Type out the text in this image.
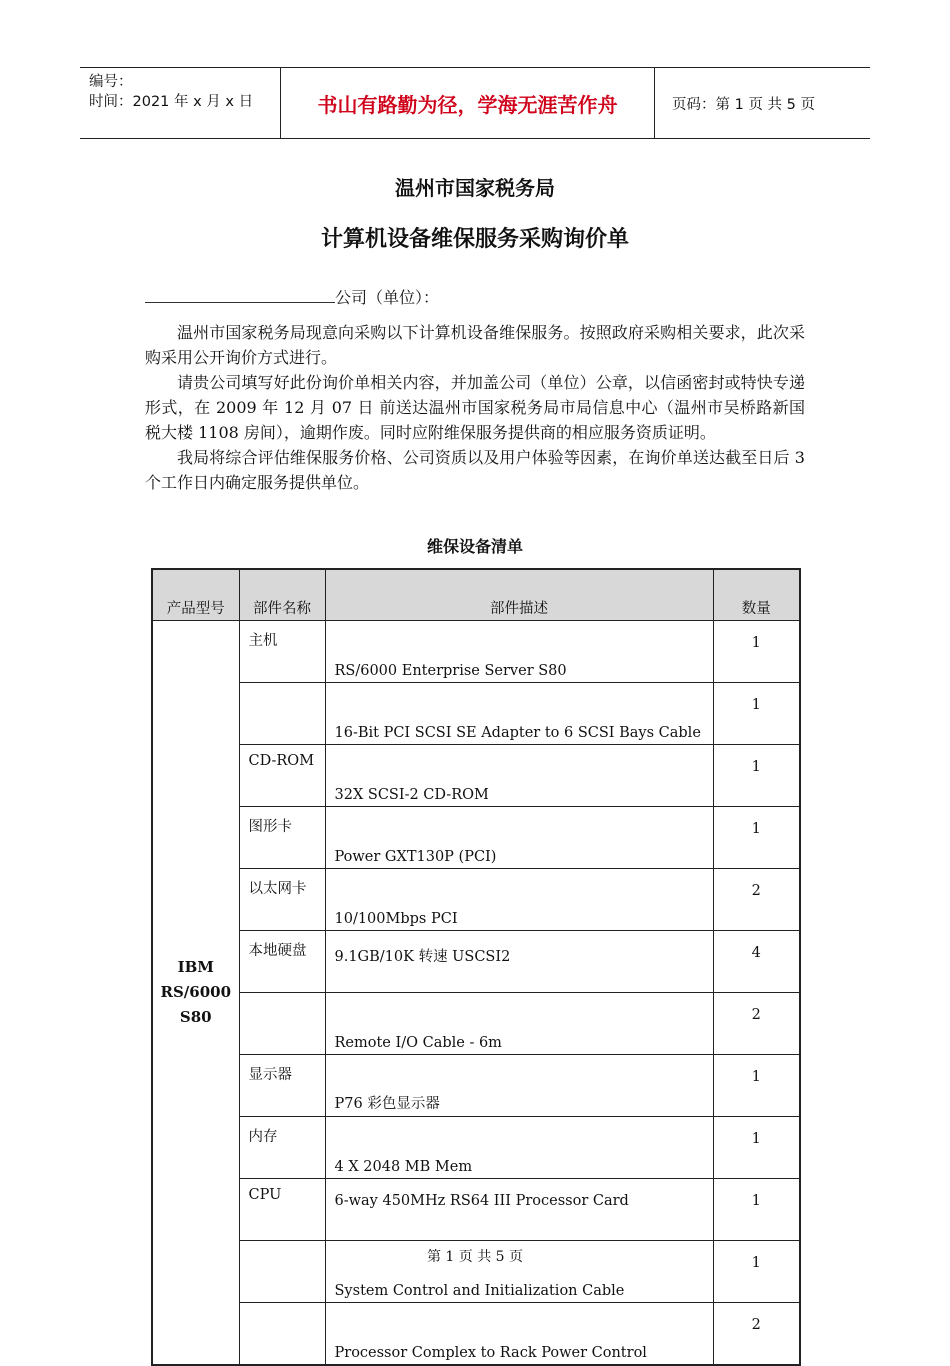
编号：
时间：2021 年 x 月 x 日	书山有路勤为径，学海无涯苦作舟	页码：第 1 页 共 5 页
温州市国家税务局
计算机设备维保服务采购询价单
公司（单位）：

温州市国家税务局现意向采购以下计算机设备维保服务。按照政府采购相关要求，此次采购采用公开询价方式进行。

请贵公司填写好此份询价单相关内容，并加盖公司（单位）公章，以信函密封或特快专递形式，在 2009 年 12 月 07 日 前送达温州市国家税务局市局信息中心（温州市吴桥路新国税大楼 1108 房间），逾期作废。同时应附维保服务提供商的相应服务资质证明。

我局将综合评估维保服务价格、公司资质以及用户体验等因素，在询价单送达截至日后 3 个工作日内确定服务提供单位。

维保设备清单
产品型号	部件名称	部件描述	数量

IBM
RS/6000
S80	主机	RS/6000 Enterprise Server S80	1
		16-Bit PCI SCSI SE Adapter to 6 SCSI Bays Cable	1
	CD-ROM	32X SCSI-2 CD-ROM	1
	图形卡	Power GXT130P (PCI)	1
	以太网卡	10/100Mbps PCI	2
	本地硬盘	9.1GB/10K 转速 USCSI2	4
		Remote I/O Cable - 6m	2
	显示器	P76 彩色显示器	1
	内存	4 X 2048 MB Mem	1
	CPU	6-way 450MHz RS64 III Processor Card	1
		System Control and Initialization Cable	1
		Processor Complex to Rack Power Control	2
第 1 页 共 5 页
